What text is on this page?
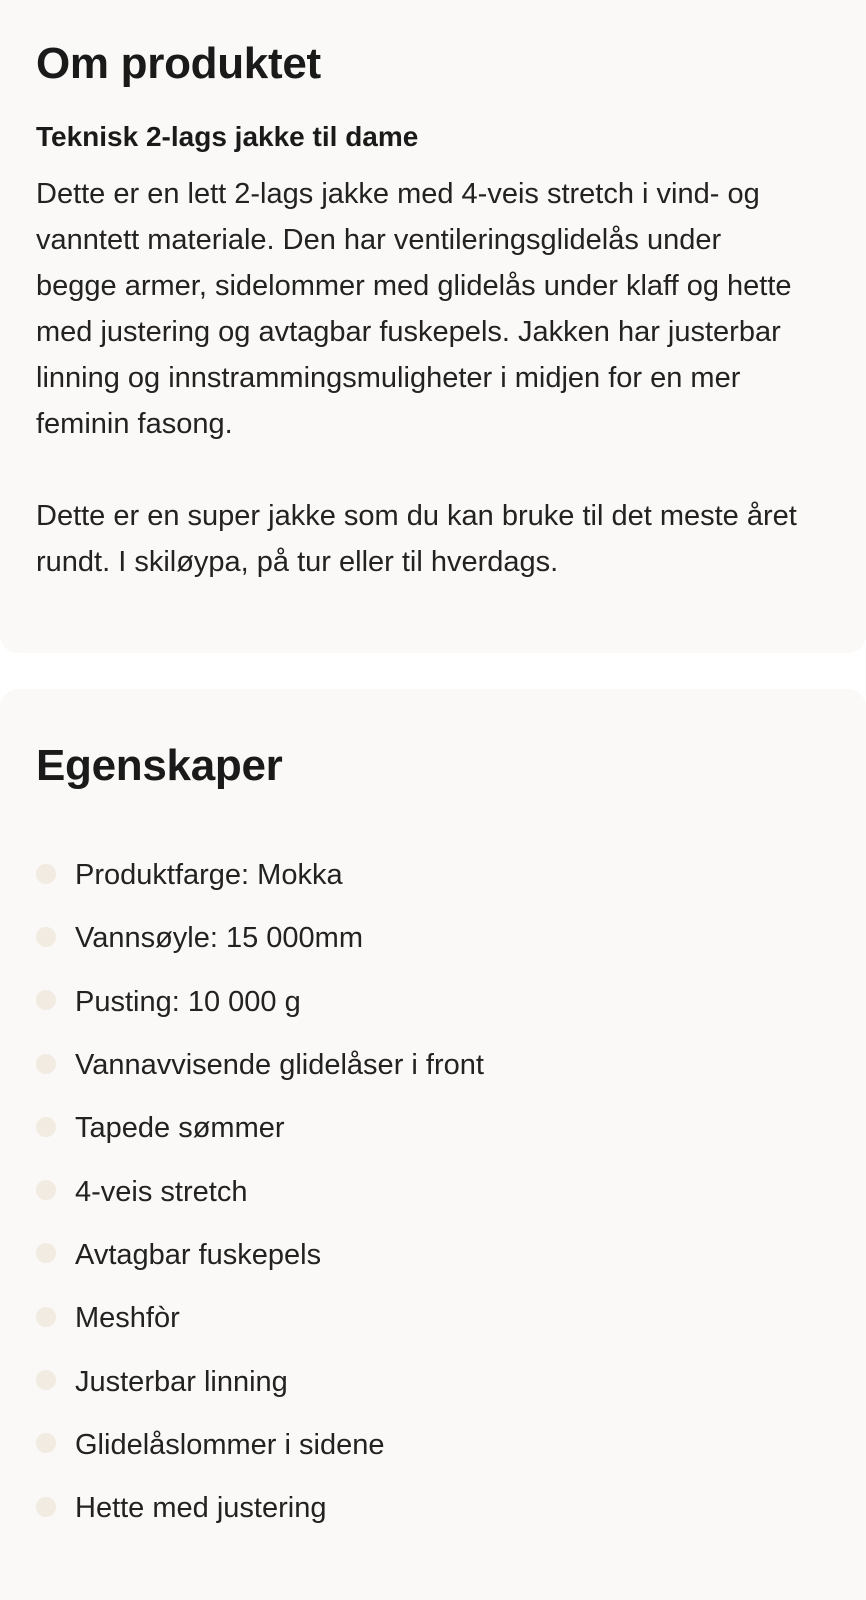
Om produktet
Teknisk 2-lags jakke til dame

Dette er en lett 2-lags jakke med 4-veis stretch i vind- og
vanntett materiale. Den har ventileringsglidelås under
begge armer, sidelommer med glidelås under klaff og hette
med justering og avtagbar fuskepels. Jakken har justerbar
linning og innstrammingsmuligheter i midjen for en mer
feminin fasong.

Dette er en super jakke som du kan bruke til det meste året
rundt. I skiløypa, på tur eller til hverdags.

Egenskaper
Produktfarge: Mokka
Vannsøyle: 15 000mm
Pusting: 10 000 g
Vannavvisende glidelåser i front
Tapede sømmer
4-veis stretch
Avtagbar fuskepels
Meshfòr
Justerbar linning
Glidelåslommer i sidene
Hette med justering
